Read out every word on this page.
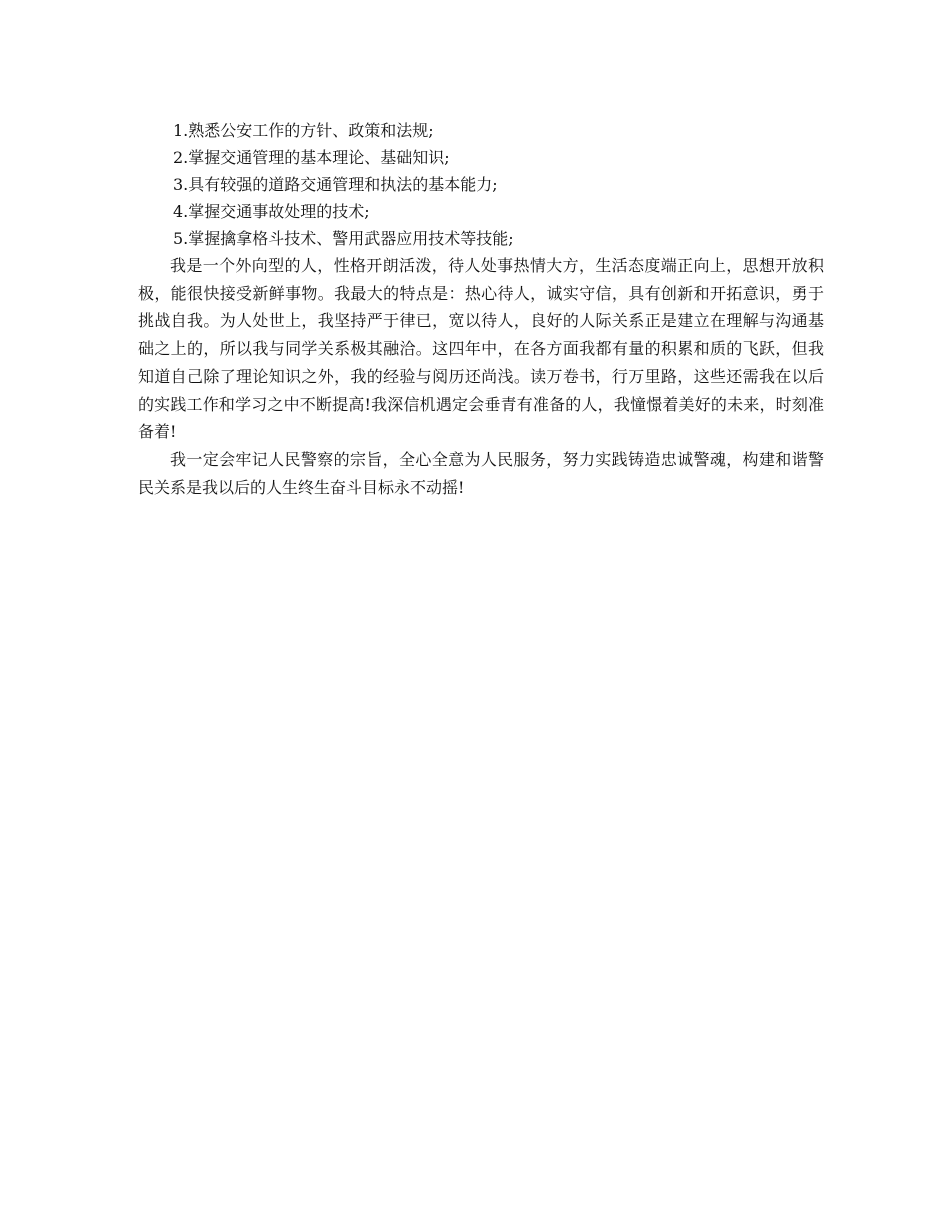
1.熟悉公安工作的方针、政策和法规;
2.掌握交通管理的基本理论、基础知识;
3.具有较强的道路交通管理和执法的基本能力;
4.掌握交通事故处理的技术;
5.掌握擒拿格斗技术、警用武器应用技术等技能;

我是一个外向型的人，性格开朗活泼，待人处事热情大方，生活态度端正向上，思想开放积极，能很快接受新鲜事物。我最大的特点是：热心待人，诚实守信，具有创新和开拓意识，勇于挑战自我。为人处世上，我坚持严于律已，宽以待人，良好的人际关系正是建立在理解与沟通基础之上的，所以我与同学关系极其融洽。这四年中，在各方面我都有量的积累和质的飞跃，但我知道自己除了理论知识之外，我的经验与阅历还尚浅。读万卷书，行万里路，这些还需我在以后的实践工作和学习之中不断提高!我深信机遇定会垂青有准备的人，我憧憬着美好的未来，时刻准备着!

我一定会牢记人民警察的宗旨，全心全意为人民服务，努力实践铸造忠诚警魂，构建和谐警民关系是我以后的人生终生奋斗目标永不动摇!
